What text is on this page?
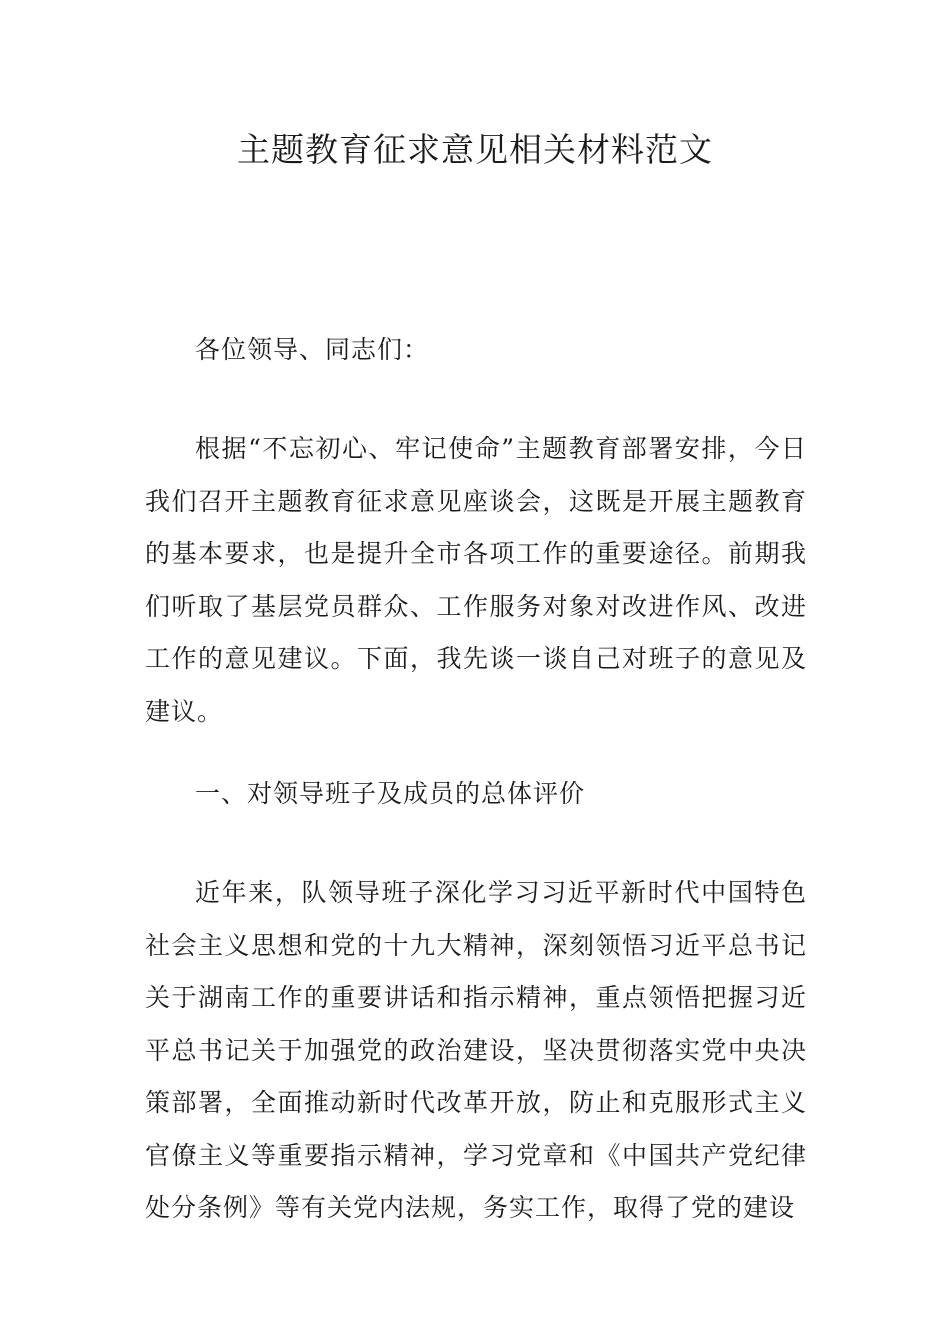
主题教育征求意见相关材料范文

各位领导、同志们：

根据“不忘初心、牢记使命”主题教育部署安排，今日我们召开主题教育征求意见座谈会，这既是开展主题教育的基本要求，也是提升全市各项工作的重要途径。前期我们听取了基层党员群众、工作服务对象对改进作风、改进工作的意见建议。下面，我先谈一谈自己对班子的意见及建议。

一、对领导班子及成员的总体评价

近年来，队领导班子深化学习习近平新时代中国特色社会主义思想和党的十九大精神，深刻领悟习近平总书记关于湖南工作的重要讲话和指示精神，重点领悟把握习近平总书记关于加强党的政治建设，坚决贯彻落实党中央决策部署，全面推动新时代改革开放，防止和克服形式主义官僚主义等重要指示精神，学习党章和《中国共产党纪律处分条例》等有关党内法规，务实工作，取得了党的建设
